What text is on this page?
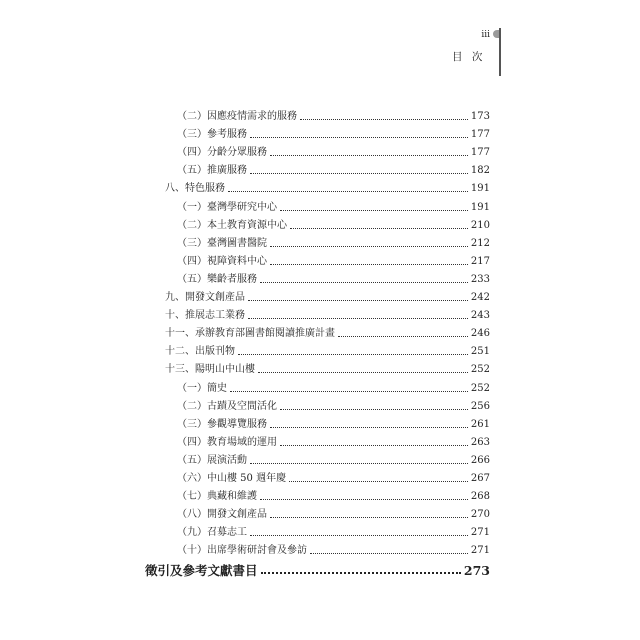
iii
目 次
（二）因應疫情需求的服務	173
（三）參考服務	177
（四）分齡分眾服務	177
（五）推廣服務	182
八、特色服務	191
（一）臺灣學研究中心	191
（二）本土教育資源中心	210
（三）臺灣圖書醫院	212
（四）視障資料中心	217
（五）樂齡者服務	233
九、開發文創產品	242
十、推展志工業務	243
十一、承辦教育部圖書館閱讀推廣計畫	246
十二、出版刊物	251
十三、陽明山中山樓	252
（一）簡史	252
（二）古蹟及空間活化	256
（三）參觀導覽服務	261
（四）教育場域的運用	263
（五）展演活動	266
（六）中山樓 50 週年慶	267
（七）典藏和維護	268
（八）開發文創產品	270
（九）召募志工	271
（十）出席學術研討會及參訪	271
徵引及參考文獻書目	273
